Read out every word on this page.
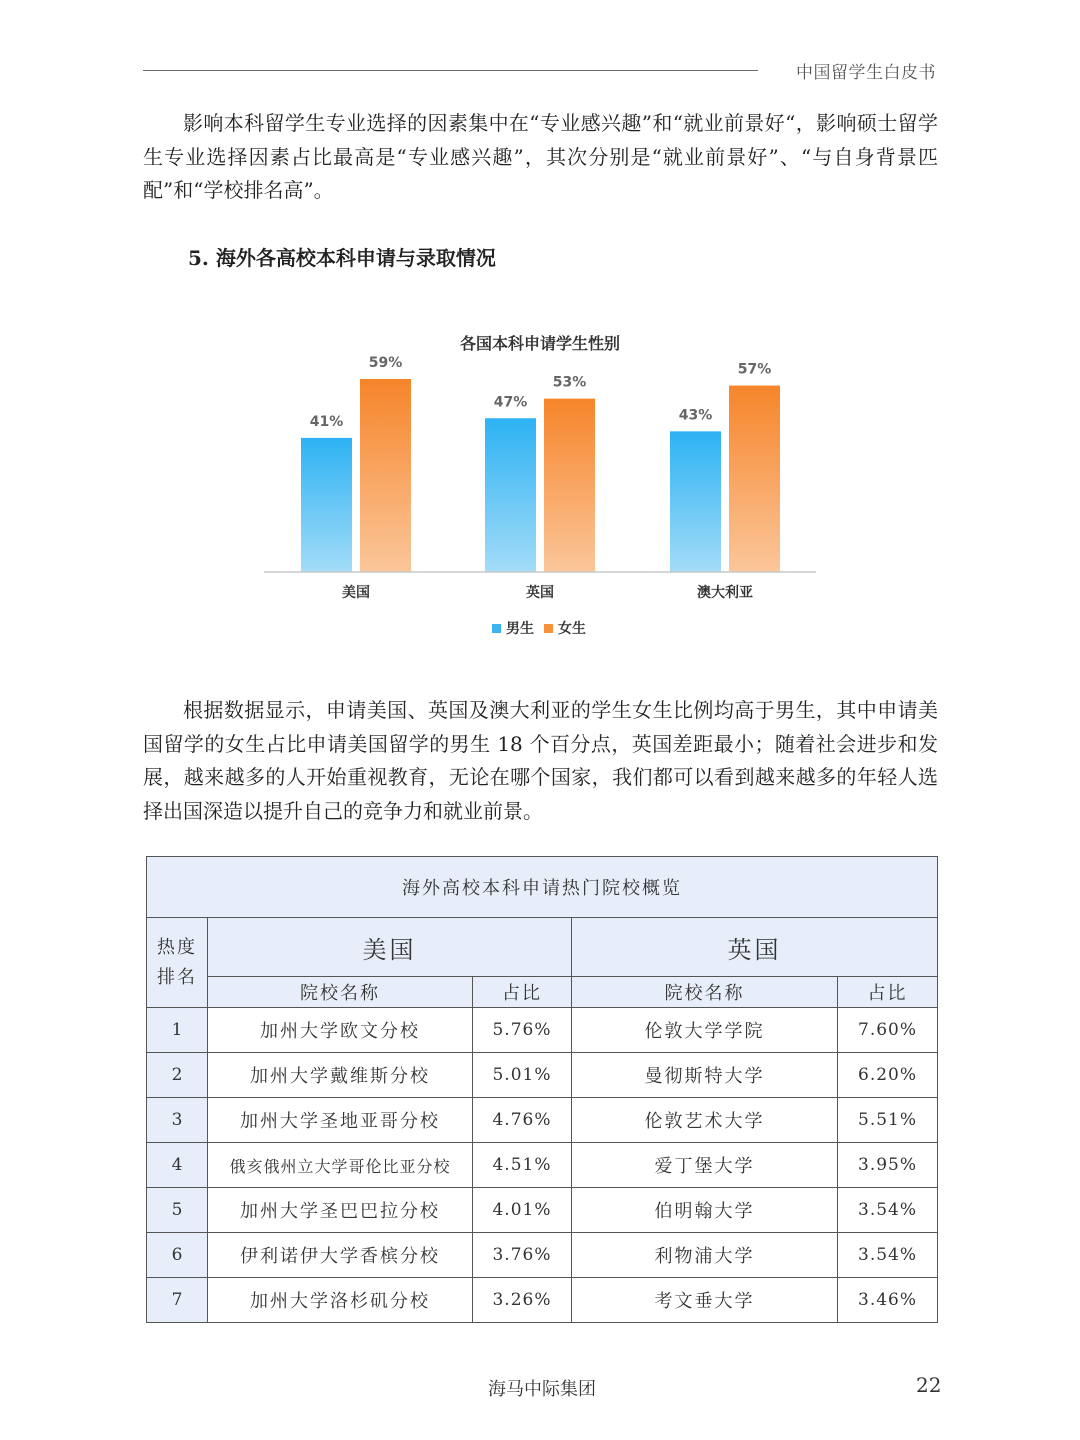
中国留学生白皮书

影响本科留学生专业选择的因素集中在“专业感兴趣”和“就业前景好“，影响硕士留学生专业选择因素占比最高是“专业感兴趣”，其次分别是“就业前景好”、“与自身背景匹配”和“学校排名高”。

5. 海外各高校本科申请与录取情况
各国本科申请学生性别
41%
59%
美国
47%
53%
英国
43%
57%
澳大利亚
男生 女生

根据数据显示，申请美国、英国及澳大利亚的学生女生比例均高于男生，其中申请美国留学的女生占比申请美国留学的男生 18 个百分点，英国差距最小；随着社会进步和发展，越来越多的人开始重视教育，无论在哪个国家，我们都可以看到越来越多的年轻人选择出国深造以提升自己的竞争力和就业前景。

海外高校本科申请热门院校概览				
热度
排名	美国		英国	
	院校名称	占比	院校名称	占比
1	加州大学欧文分校	5.76%	伦敦大学学院	7.60%
2	加州大学戴维斯分校	5.01%	曼彻斯特大学	6.20%
3	加州大学圣地亚哥分校	4.76%	伦敦艺术大学	5.51%
4	俄亥俄州立大学哥伦比亚分校	4.51%	爱丁堡大学	3.95%
5	加州大学圣巴巴拉分校	4.01%	伯明翰大学	3.54%
6	伊利诺伊大学香槟分校	3.76%	利物浦大学	3.54%
7	加州大学洛杉矶分校	3.26%	考文垂大学	3.46%
海马中际集团	22
